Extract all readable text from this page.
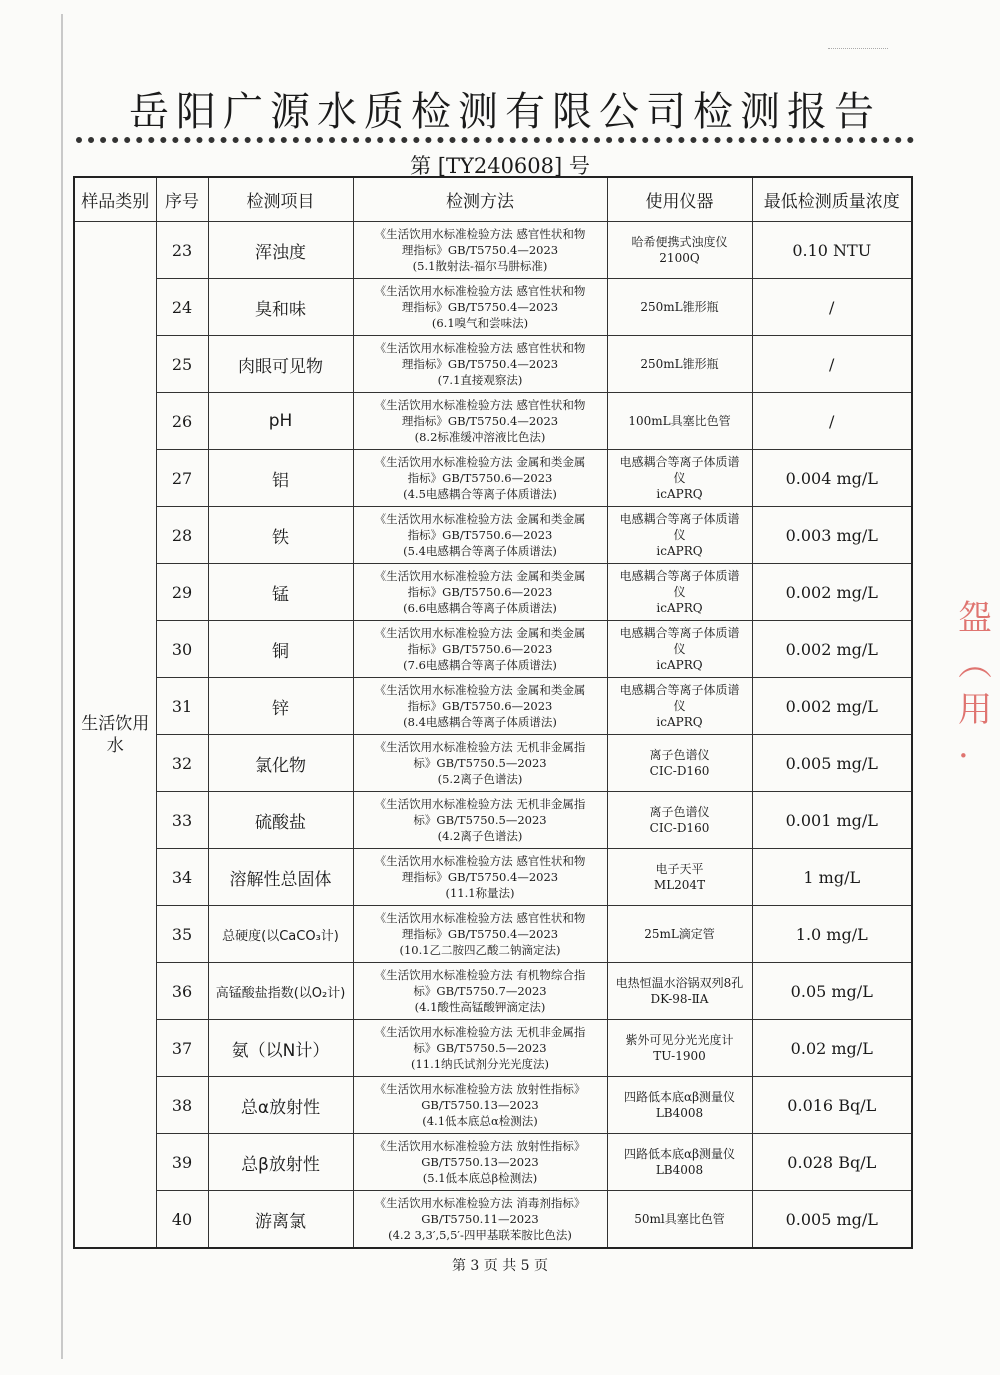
盌
︵
用
·
岳阳广源水质检测有限公司检测报告
第 [TY240608] 号
样品类别	序号	检测项目	检测方法	使用仪器	最低检测质量浓度
生活饮用水	23	浑浊度	《生活饮用水标准检验方法 感官性状和物
理指标》GB/T5750.4—2023
(5.1散射法-福尔马肼标准)	哈希便携式浊度仪
2100Q	0.10 NTU
	24	臭和味	《生活饮用水标准检验方法 感官性状和物
理指标》GB/T5750.4—2023
(6.1嗅气和尝味法)	250mL锥形瓶	/
	25	肉眼可见物	《生活饮用水标准检验方法 感官性状和物
理指标》GB/T5750.4—2023
(7.1直接观察法)	250mL锥形瓶	/
	26	pH	《生活饮用水标准检验方法 感官性状和物
理指标》GB/T5750.4—2023
(8.2标准缓冲溶液比色法)	100mL具塞比色管	/
	27	铝	《生活饮用水标准检验方法 金属和类金属
指标》GB/T5750.6—2023
(4.5电感耦合等离子体质谱法)	电感耦合等离子体质谱
仪
icAPRQ	0.004 mg/L
	28	铁	《生活饮用水标准检验方法 金属和类金属
指标》GB/T5750.6—2023
(5.4电感耦合等离子体质谱法)	电感耦合等离子体质谱
仪
icAPRQ	0.003 mg/L
	29	锰	《生活饮用水标准检验方法 金属和类金属
指标》GB/T5750.6—2023
(6.6电感耦合等离子体质谱法)	电感耦合等离子体质谱
仪
icAPRQ	0.002 mg/L
	30	铜	《生活饮用水标准检验方法 金属和类金属
指标》GB/T5750.6—2023
(7.6电感耦合等离子体质谱法)	电感耦合等离子体质谱
仪
icAPRQ	0.002 mg/L
	31	锌	《生活饮用水标准检验方法 金属和类金属
指标》GB/T5750.6—2023
(8.4电感耦合等离子体质谱法)	电感耦合等离子体质谱
仪
icAPRQ	0.002 mg/L
	32	氯化物	《生活饮用水标准检验方法 无机非金属指
标》GB/T5750.5—2023
(5.2离子色谱法)	离子色谱仪
CIC-D160	0.005 mg/L
	33	硫酸盐	《生活饮用水标准检验方法 无机非金属指
标》GB/T5750.5—2023
(4.2离子色谱法)	离子色谱仪
CIC-D160	0.001 mg/L
	34	溶解性总固体	《生活饮用水标准检验方法 感官性状和物
理指标》GB/T5750.4—2023
(11.1称量法)	电子天平
ML204T	1 mg/L
	35	总硬度(以CaCO₃计)	《生活饮用水标准检验方法 感官性状和物
理指标》GB/T5750.4—2023
(10.1乙二胺四乙酸二钠滴定法)	25mL滴定管	1.0 mg/L
	36	高锰酸盐指数(以O₂计)	《生活饮用水标准检验方法 有机物综合指
标》GB/T5750.7—2023
(4.1酸性高锰酸钾滴定法)	电热恒温水浴锅双列8孔
DK-98-ⅡA	0.05 mg/L
	37	氨（以N计）	《生活饮用水标准检验方法 无机非金属指
标》GB/T5750.5—2023
(11.1纳氏试剂分光光度法)	紫外可见分光光度计
TU-1900	0.02 mg/L
	38	总α放射性	《生活饮用水标准检验方法 放射性指标》
GB/T5750.13—2023
(4.1低本底总α检测法)	四路低本底αβ测量仪
LB4008	0.016 Bq/L
	39	总β放射性	《生活饮用水标准检验方法 放射性指标》
GB/T5750.13—2023
(5.1低本底总β检测法)	四路低本底αβ测量仪
LB4008	0.028 Bq/L
	40	游离氯	《生活饮用水标准检验方法 消毒剂指标》
GB/T5750.11—2023
(4.2 3,3′,5,5′-四甲基联苯胺比色法)	50ml具塞比色管	0.005 mg/L
第 3 页 共 5 页
